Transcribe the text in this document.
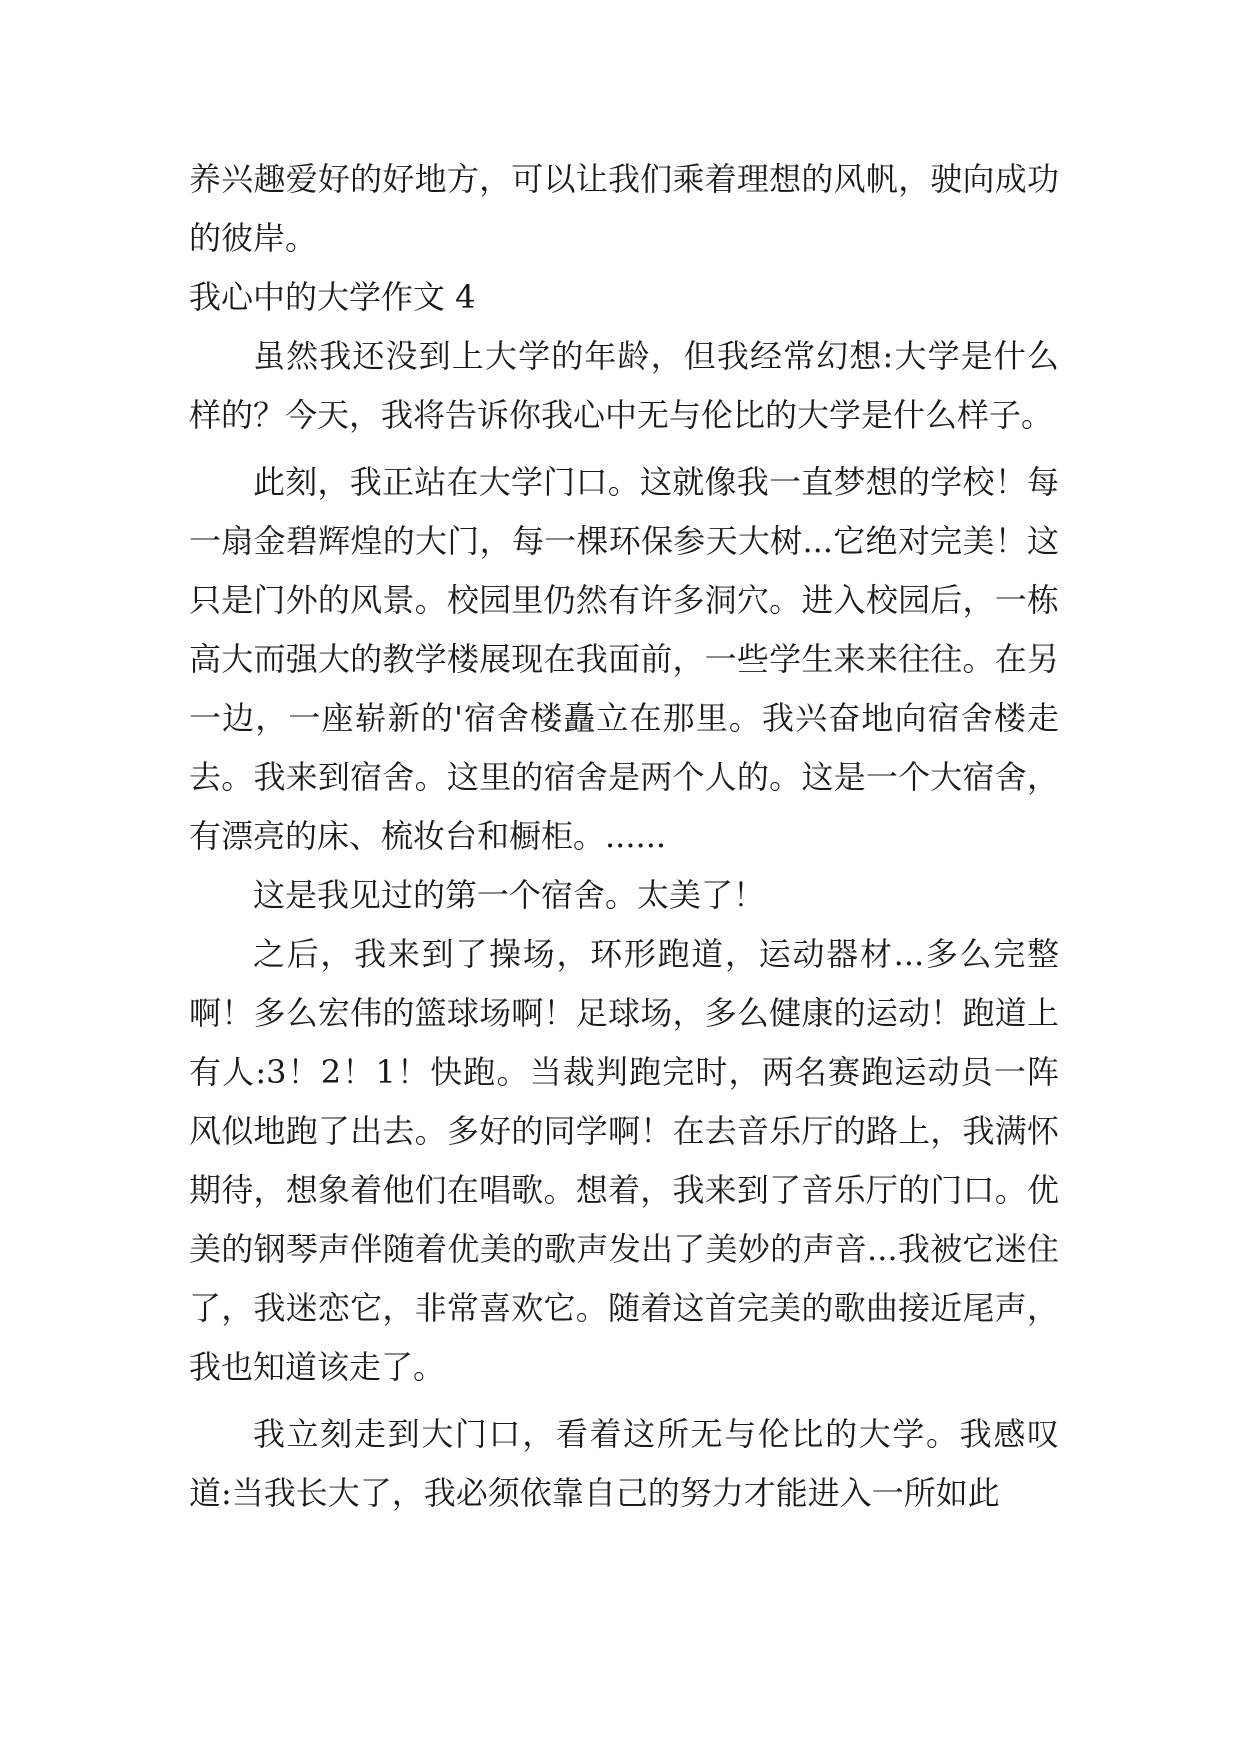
养兴趣爱好的好地方，可以让我们乘着理想的风帆，驶向成功的彼岸。

我心中的大学作文 4

虽然我还没到上大学的年龄，但我经常幻想:大学是什么样的？今天，我将告诉你我心中无与伦比的大学是什么样子。

此刻，我正站在大学门口。这就像我一直梦想的学校！每一扇金碧辉煌的大门，每一棵环保参天大树...它绝对完美！这只是门外的风景。校园里仍然有许多洞穴。进入校园后，一栋高大而强大的教学楼展现在我面前，一些学生来来往往。在另一边，一座崭新的'宿舍楼矗立在那里。我兴奋地向宿舍楼走去。我来到宿舍。这里的宿舍是两个人的。这是一个大宿舍，有漂亮的床、梳妆台和橱柜。......

这是我见过的第一个宿舍。太美了！

之后，我来到了操场，环形跑道，运动器材...多么完整啊！多么宏伟的篮球场啊！足球场，多么健康的运动！跑道上有人:3！2！1！快跑。当裁判跑完时，两名赛跑运动员一阵风似地跑了出去。多好的同学啊！在去音乐厅的路上，我满怀期待，想象着他们在唱歌。想着，我来到了音乐厅的门口。优美的钢琴声伴随着优美的歌声发出了美妙的声音...我被它迷住了，我迷恋它，非常喜欢它。随着这首完美的歌曲接近尾声，我也知道该走了。

我立刻走到大门口，看着这所无与伦比的大学。我感叹道:当我长大了，我必须依靠自己的努力才能进入一所如此
